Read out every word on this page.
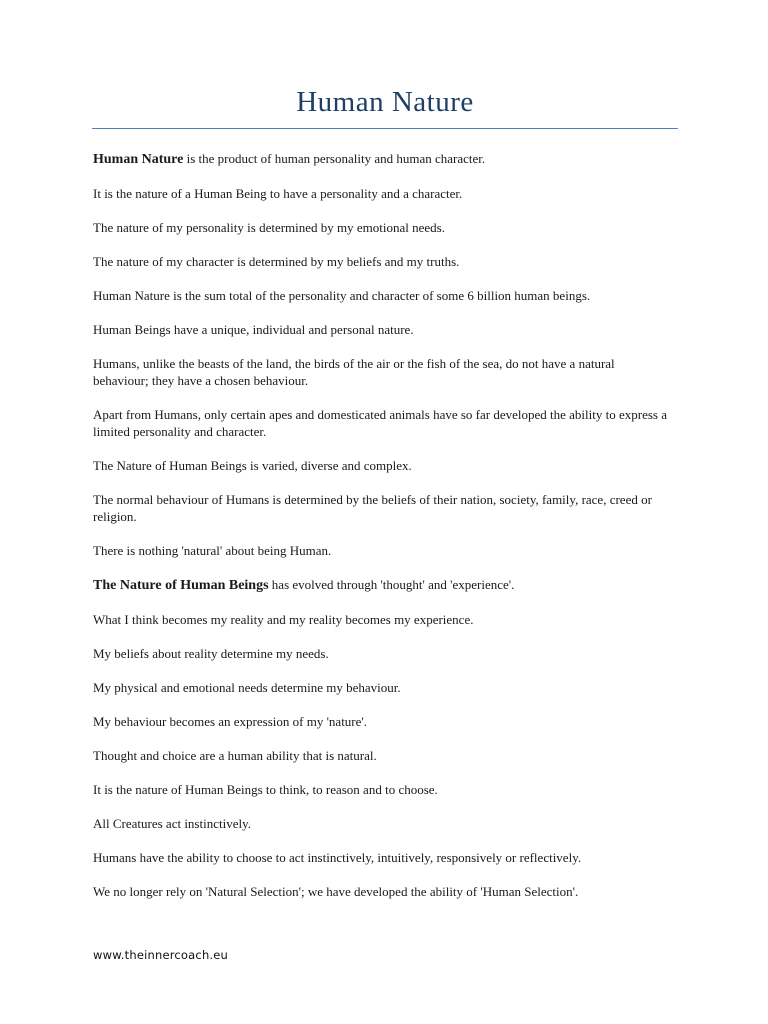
Human Nature

Human Nature is the product of human personality and human character.

It is the nature of a Human Being to have a personality and a character.

The nature of my personality is determined by my emotional needs.

The nature of my character is determined by my beliefs and my truths.

Human Nature is the sum total of the personality and character of some 6 billion human beings.

Human Beings have a unique, individual and personal nature.

Humans, unlike the beasts of the land, the birds of the air or the fish of the sea, do not have a natural behaviour; they have a chosen behaviour.

Apart from Humans, only certain apes and domesticated animals have so far developed the ability to express a limited personality and character.

The Nature of Human Beings is varied, diverse and complex.

The normal behaviour of Humans is determined by the beliefs of their nation, society, family, race, creed or religion.

There is nothing 'natural' about being Human.

The Nature of Human Beings has evolved through 'thought' and 'experience'.

What I think becomes my reality and my reality becomes my experience.

My beliefs about reality determine my needs.

My physical and emotional needs determine my behaviour.

My behaviour becomes an expression of my 'nature'.

Thought and choice are a human ability that is natural.

It is the nature of Human Beings to think, to reason and to choose.

All Creatures act instinctively.

Humans have the ability to choose to act instinctively, intuitively, responsively or reflectively.

We no longer rely on 'Natural Selection'; we have developed the ability of 'Human Selection'.

www.theinnercoach.eu
